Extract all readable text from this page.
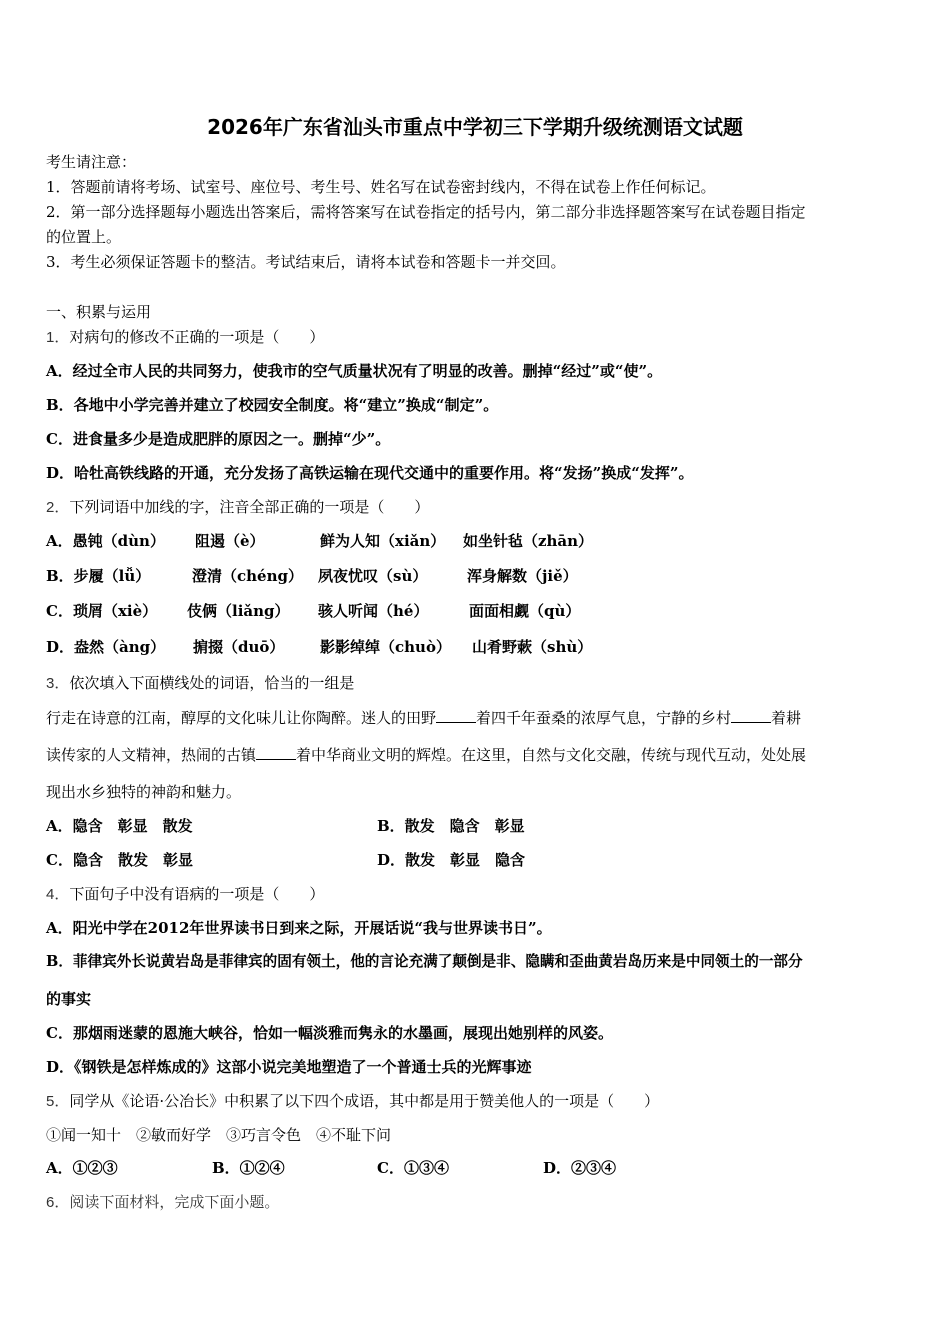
2026年广东省汕头市重点中学初三下学期升级统测语文试题
考生请注意：
1．答题前请将考场、试室号、座位号、考生号、姓名写在试卷密封线内，不得在试卷上作任何标记。
2．第一部分选择题每小题选出答案后，需将答案写在试卷指定的括号内，第二部分非选择题答案写在试卷题目指定
的位置上。
3．考生必须保证答题卡的整洁。考试结束后，请将本试卷和答题卡一并交回。
一、积累与运用
1．对病句的修改不正确的一项是（　　）
A．经过全市人民的共同努力，使我市的空气质量状况有了明显的改善。删掉“经过”或“使”。
B．各地中小学完善并建立了校园安全制度。将“建立”换成“制定”。
C．进食量多少是造成肥胖的原因之一。删掉“少”。
D．哈牡高铁线路的开通，充分发扬了高铁运输在现代交通中的重要作用。将“发扬”换成“发挥”。
2．下列词语中加线的字，注音全部正确的一项是（　　）
A．愚钝（dùn） 阻遏（è）	鲜为人知（xiǎn） 如坐针毡（zhān）
B．步履（lǚ）	澄清（chéng） 夙夜忧叹（sù）	浑身解数（jiě）
C．琐屑（xiè） 伎俩（liǎng） 骇人听闻（hé）	面面相觑（qù）
D．盎然（àng） 掮掇（duō） 影影绰绰（chuò） 山肴野蔌（shù）
3．依次填入下面横线处的词语，恰当的一组是
行走在诗意的江南，醇厚的文化味儿让你陶醉。迷人的田野	着四千年蚕桑的浓厚气息，宁静的乡村	着耕
读传家的人文精神，热闹的古镇	着中华商业文明的辉煌。在这里，自然与文化交融，传统与现代互动，处处展
现出水乡独特的神韵和魅力。
A．隐含　彰显　散发	B．散发　隐含　彰显
C．隐含　散发　彰显	D．散发　彰显　隐含
4．下面句子中没有语病的一项是（　　）
A．阳光中学在2012年世界读书日到来之际，开展话说“我与世界读书日”。
B．菲律宾外长说黄岩岛是菲律宾的固有领土，他的言论充满了颠倒是非、隐瞒和歪曲黄岩岛历来是中同领土的一部分
的事实
C．那烟雨迷蒙的恩施大峡谷，恰如一幅淡雅而隽永的水墨画，展现出她别样的风姿。
D．《钢铁是怎样炼成的》这部小说完美地塑造了一个普通士兵的光辉事迹
5．同学从《论语·公冶长》中积累了以下四个成语，其中都是用于赞美他人的一项是（　　）
①闻一知十　②敏而好学　③巧言令色　④不耻下问
A．①②③	B．①②④	C．①③④	D．②③④
6．阅读下面材料，完成下面小题。
